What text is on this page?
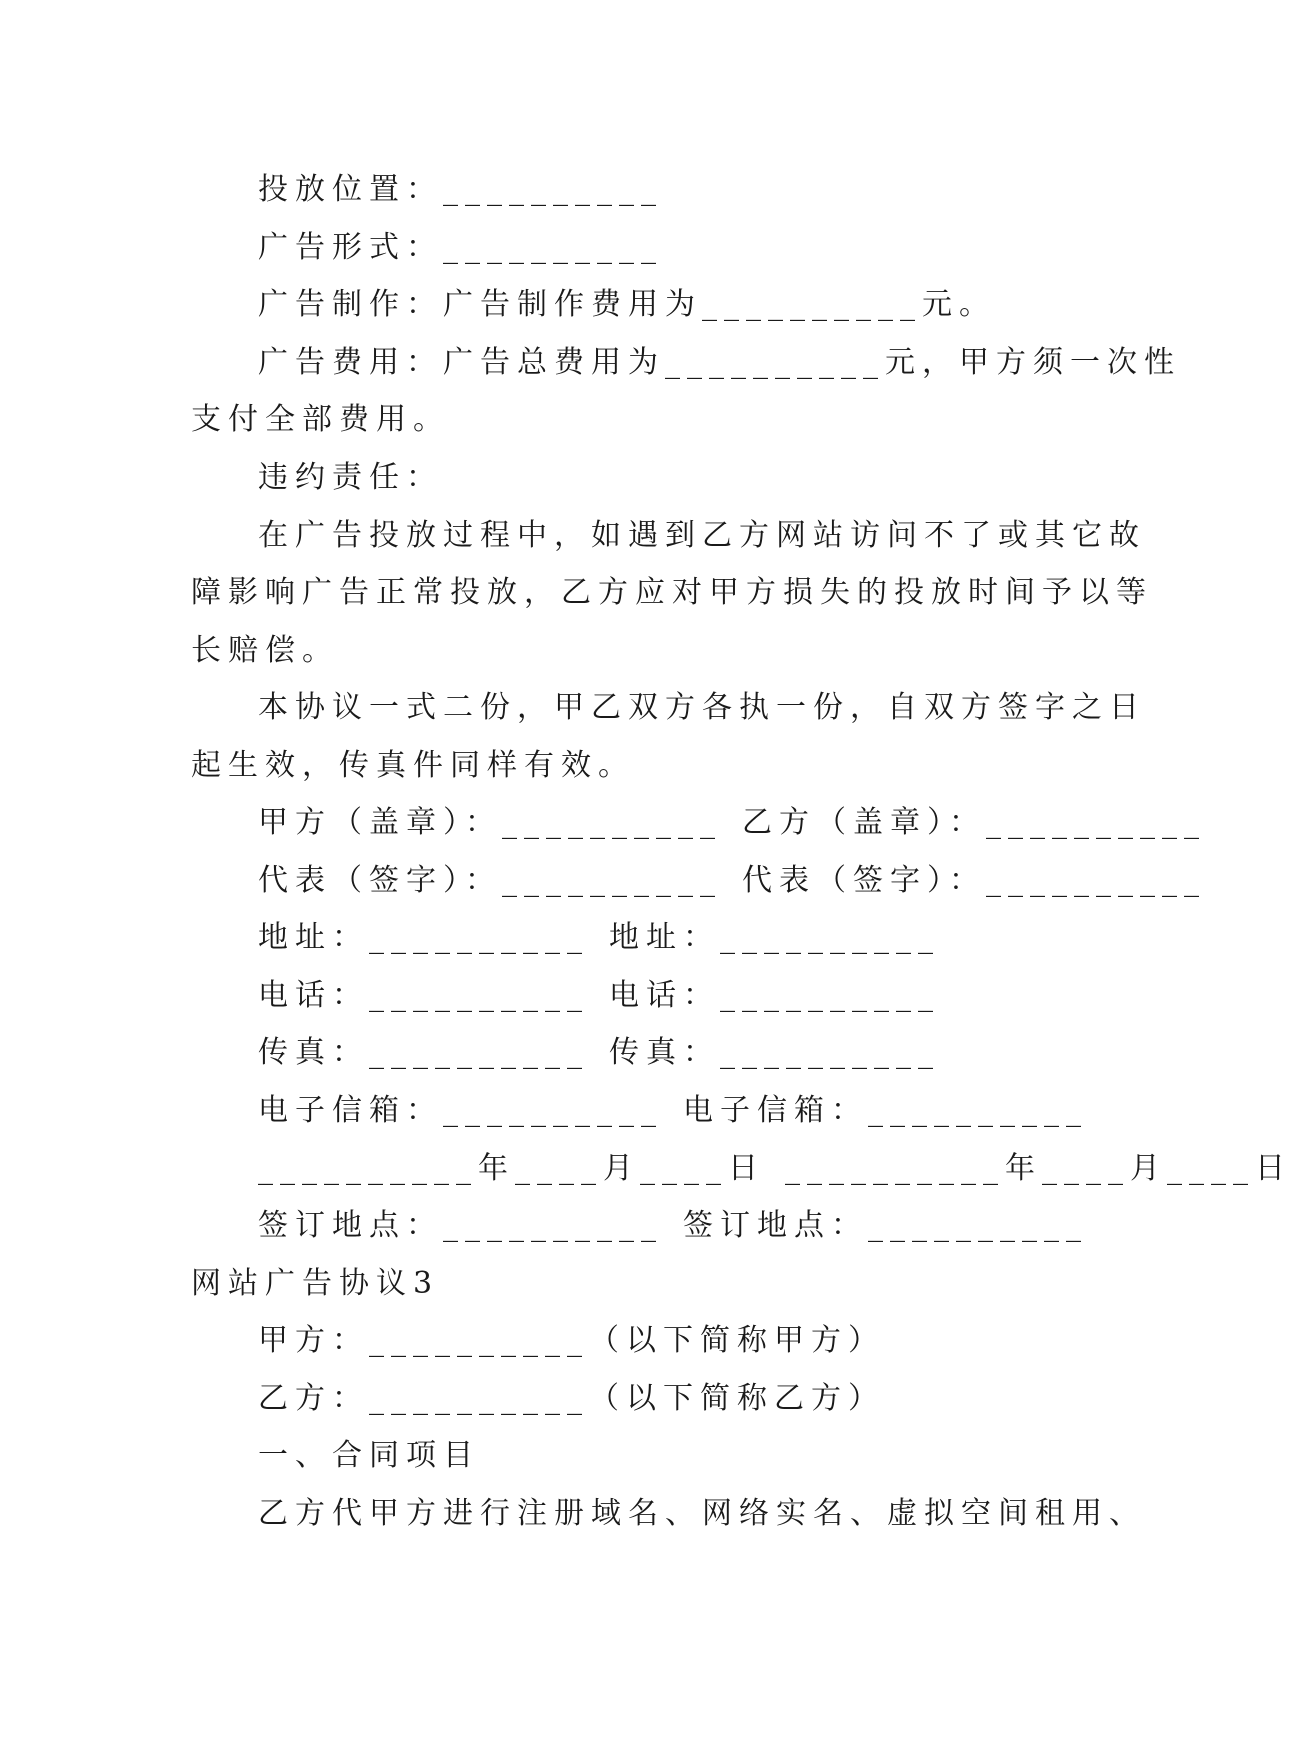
投放位置：__________
广告形式：__________
广告制作：广告制作费用为__________元。
广告费用：广告总费用为__________元，甲方须一次性
支付全部费用。
违约责任：
在广告投放过程中，如遇到乙方网站访问不了或其它故
障影响广告正常投放，乙方应对甲方损失的投放时间予以等
长赔偿。
本协议一式二份，甲乙双方各执一份，自双方签字之日
起生效，传真件同样有效。
甲方（盖章）：__________ 乙方（盖章）：__________
代表（签字）：__________ 代表（签字）：__________
地址：__________ 地址：__________
电话：__________ 电话：__________
传真：__________ 传真：__________
电子信箱：__________ 电子信箱：__________
__________年____月____日 __________年____月____日
签订地点：__________ 签订地点：__________
网站广告协议3
甲方：__________（以下简称甲方）
乙方：__________（以下简称乙方）
一、合同项目
乙方代甲方进行注册域名、网络实名、虚拟空间租用、
